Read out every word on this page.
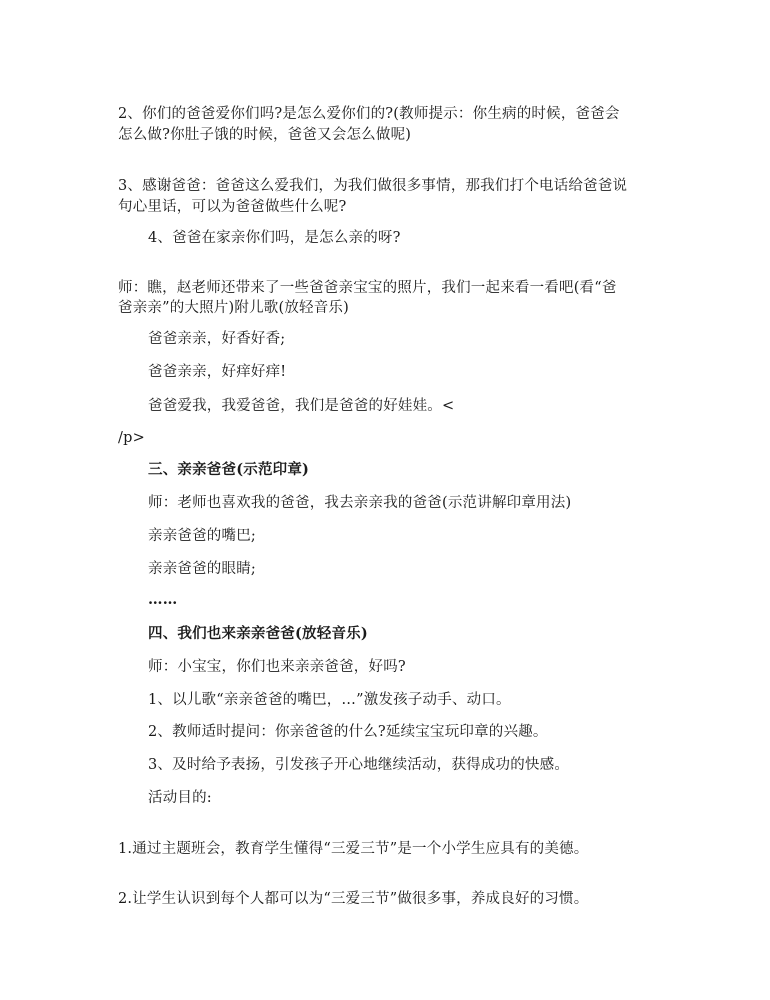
2、你们的爸爸爱你们吗?是怎么爱你们的?(教师提示：你生病的时候，爸爸会
怎么做?你肚子饿的时候，爸爸又会怎么做呢)
3、感谢爸爸：爸爸这么爱我们，为我们做很多事情，那我们打个电话给爸爸说
句心里话，可以为爸爸做些什么呢?
4、爸爸在家亲你们吗，是怎么亲的呀?
师：瞧，赵老师还带来了一些爸爸亲宝宝的照片，我们一起来看一看吧(看“爸
爸亲亲”的大照片)附儿歌(放轻音乐)
爸爸亲亲，好香好香;
爸爸亲亲，好痒好痒!
爸爸爱我，我爱爸爸，我们是爸爸的好娃娃。<
/p>
三、亲亲爸爸(示范印章)
师：老师也喜欢我的爸爸，我去亲亲我的爸爸(示范讲解印章用法)
亲亲爸爸的嘴巴;
亲亲爸爸的眼睛;
……
四、我们也来亲亲爸爸(放轻音乐)
师：小宝宝，你们也来亲亲爸爸，好吗?
1、以儿歌“亲亲爸爸的嘴巴，…”激发孩子动手、动口。
2、教师适时提问：你亲爸爸的什么?延续宝宝玩印章的兴趣。
3、及时给予表扬，引发孩子开心地继续活动，获得成功的快感。
活动目的:
1.通过主题班会，教育学生懂得“三爱三节”是一个小学生应具有的美德。
2.让学生认识到每个人都可以为“三爱三节”做很多事，养成良好的习惯。
